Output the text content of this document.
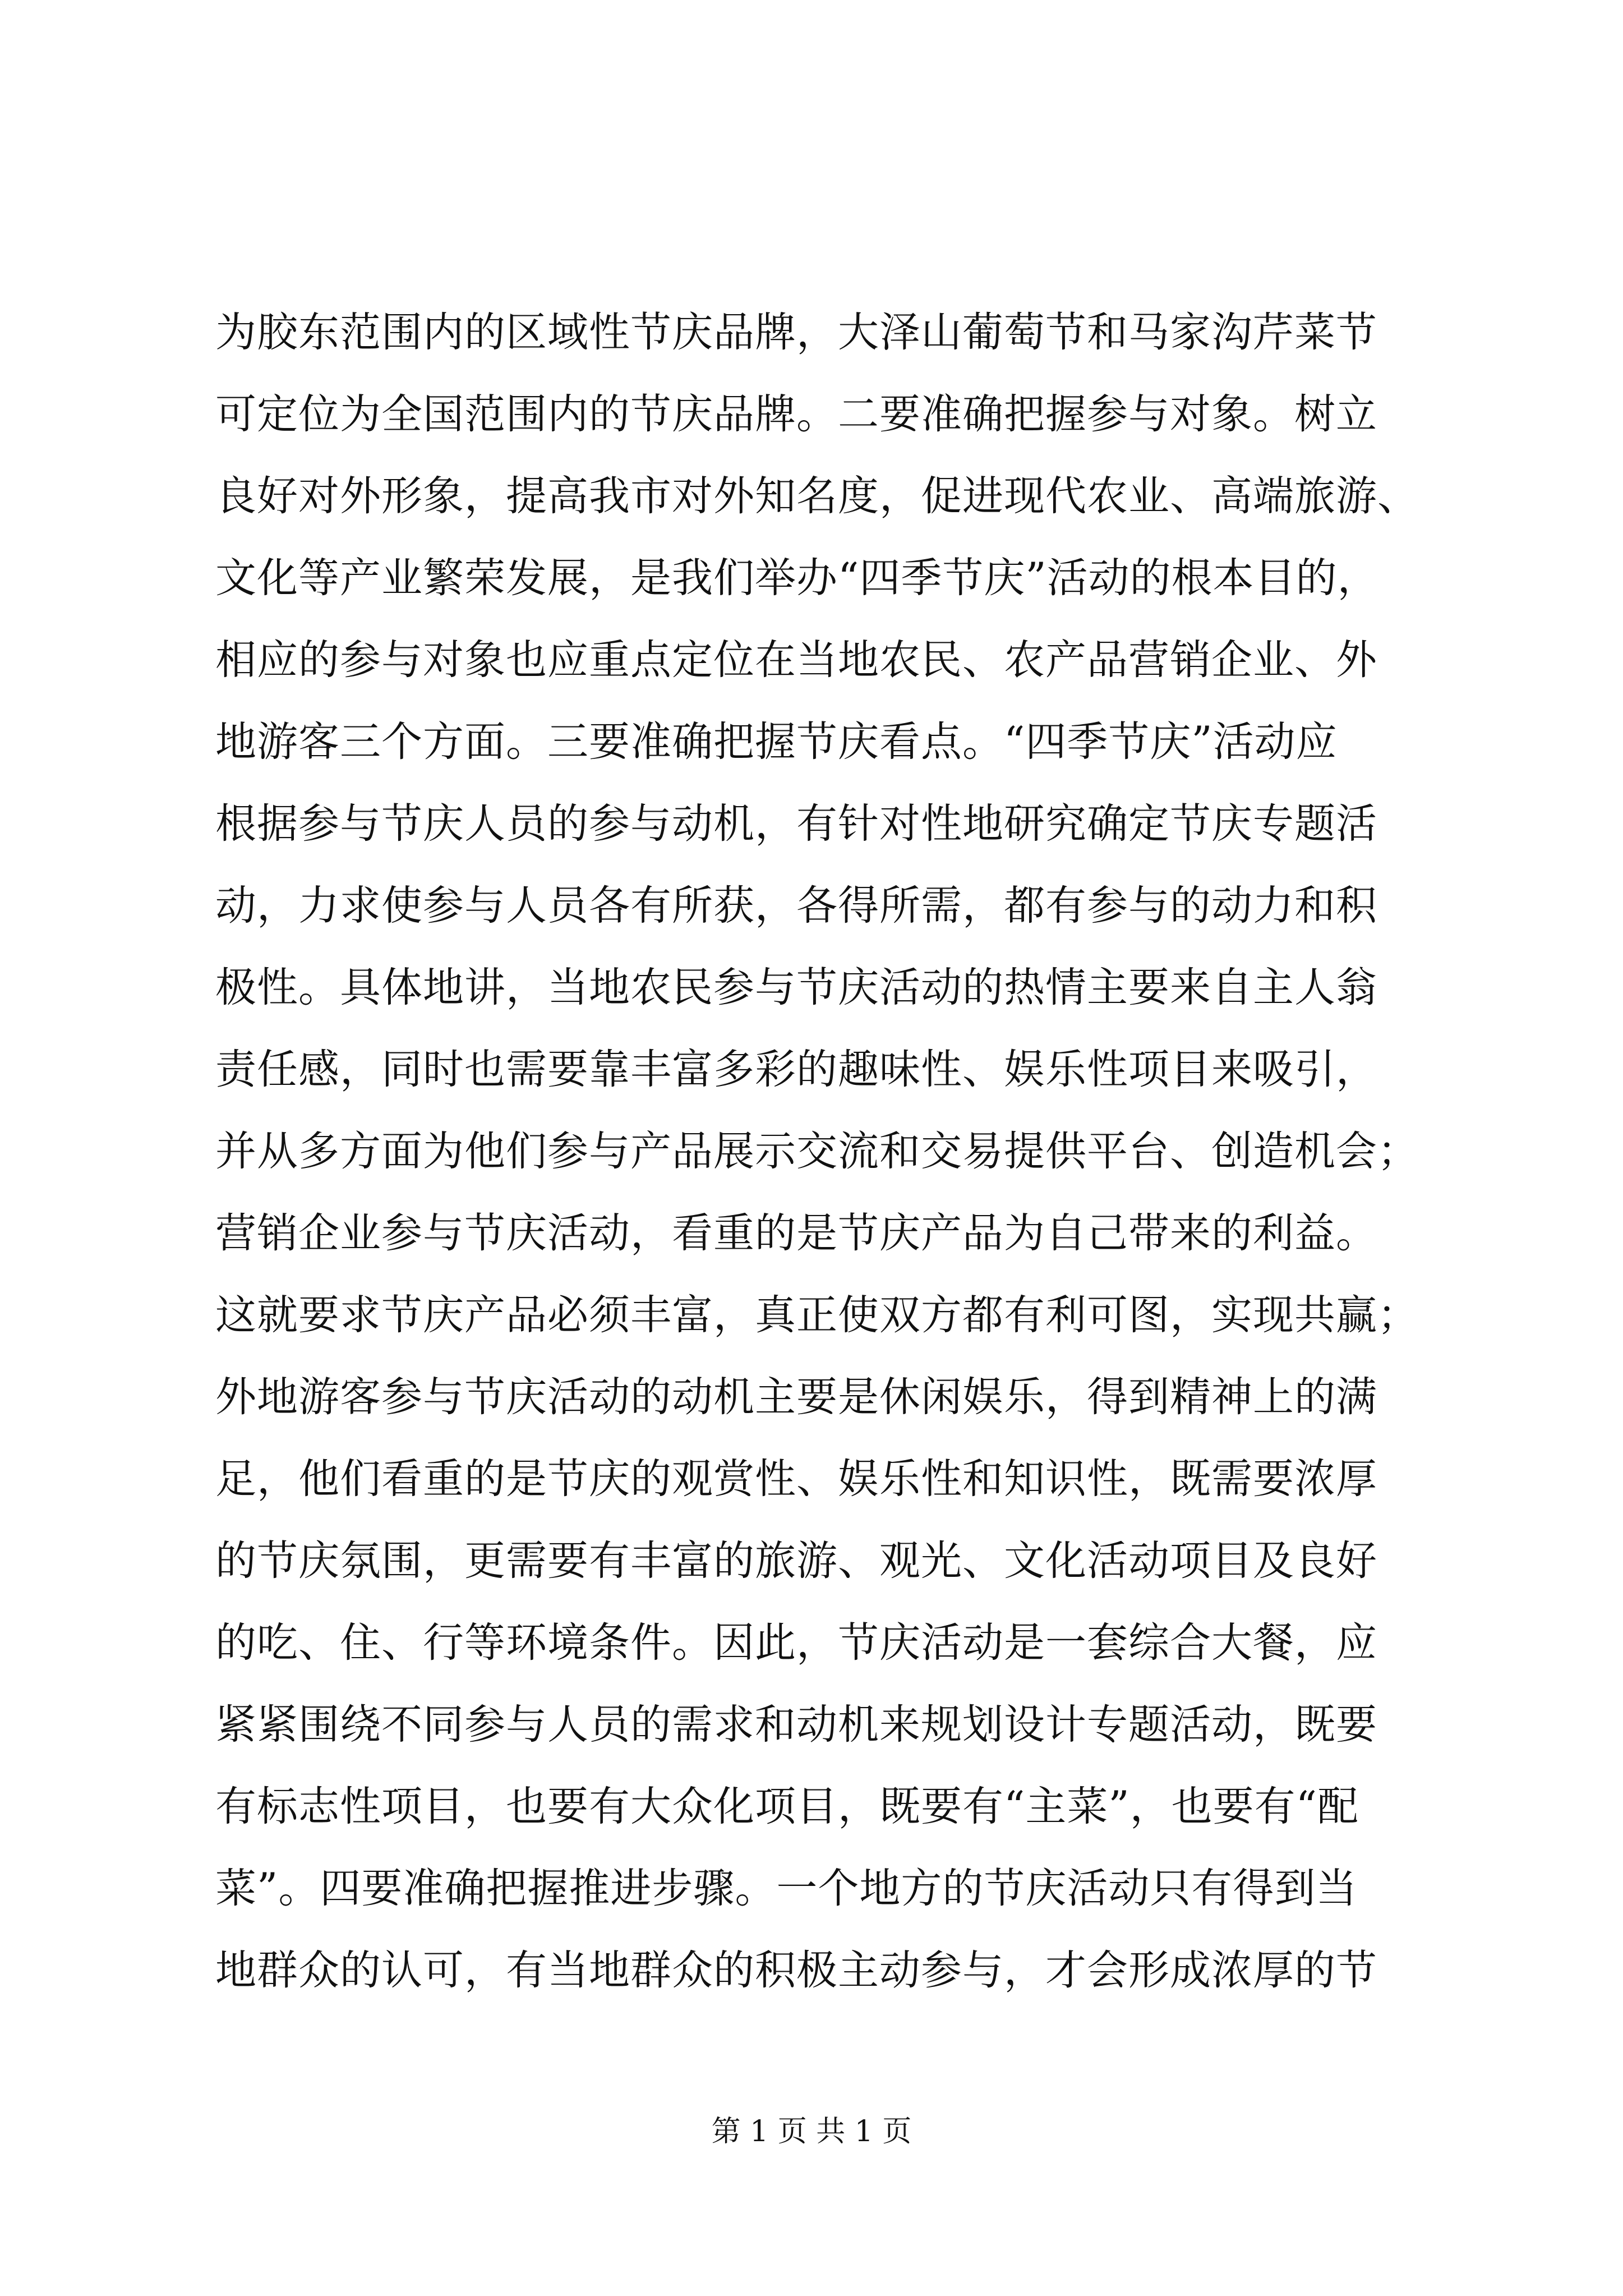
为胶东范围内的区域性节庆品牌，大泽山葡萄节和马家沟芹菜节
可定位为全国范围内的节庆品牌。二要准确把握参与对象。树立
良好对外形象，提高我市对外知名度，促进现代农业、高端旅游、
文化等产业繁荣发展，是我们举办“四季节庆”活动的根本目的，
相应的参与对象也应重点定位在当地农民、农产品营销企业、外
地游客三个方面。三要准确把握节庆看点。“四季节庆”活动应
根据参与节庆人员的参与动机，有针对性地研究确定节庆专题活
动，力求使参与人员各有所获，各得所需，都有参与的动力和积
极性。具体地讲，当地农民参与节庆活动的热情主要来自主人翁
责任感，同时也需要靠丰富多彩的趣味性、娱乐性项目来吸引，
并从多方面为他们参与产品展示交流和交易提供平台、创造机会；
营销企业参与节庆活动，看重的是节庆产品为自己带来的利益。
这就要求节庆产品必须丰富，真正使双方都有利可图，实现共赢；
外地游客参与节庆活动的动机主要是休闲娱乐，得到精神上的满
足，他们看重的是节庆的观赏性、娱乐性和知识性，既需要浓厚
的节庆氛围，更需要有丰富的旅游、观光、文化活动项目及良好
的吃、住、行等环境条件。因此，节庆活动是一套综合大餐，应
紧紧围绕不同参与人员的需求和动机来规划设计专题活动，既要
有标志性项目，也要有大众化项目，既要有“主菜”，也要有“配
菜”。四要准确把握推进步骤。一个地方的节庆活动只有得到当
地群众的认可，有当地群众的积极主动参与，才会形成浓厚的节
第 1 页 共 1 页
